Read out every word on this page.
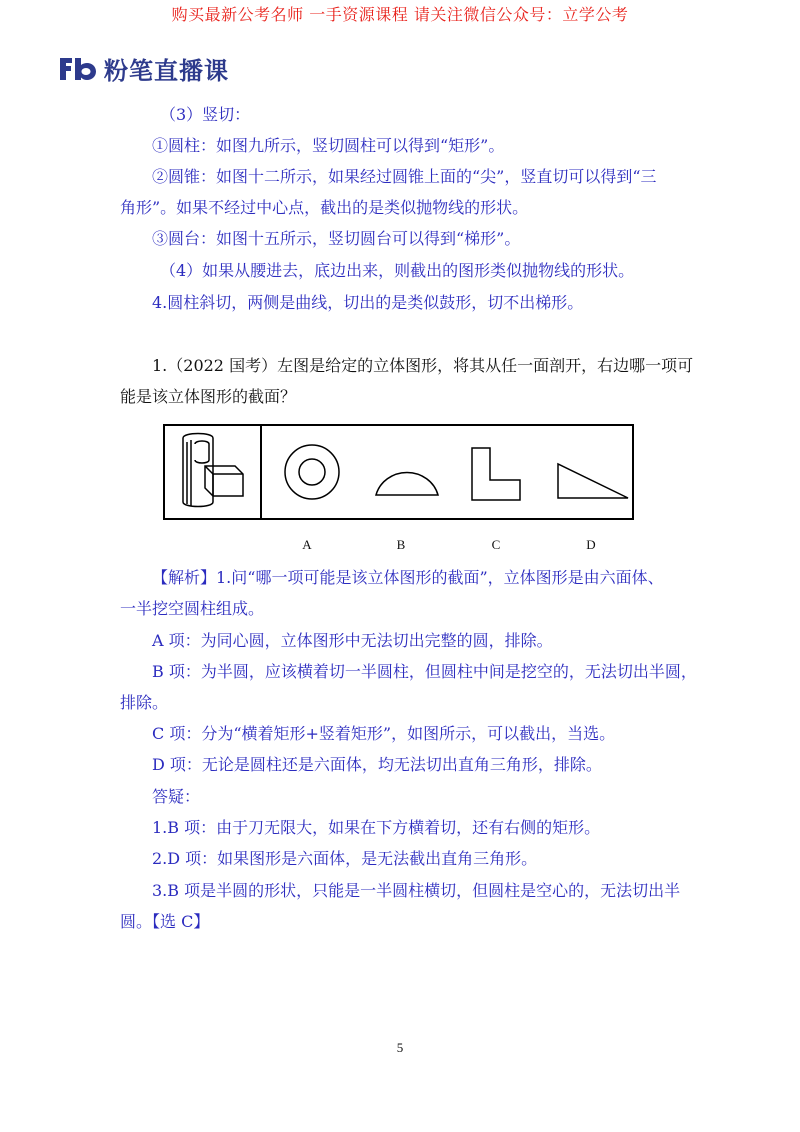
购买最新公考名师 一手资源课程 请关注微信公众号：立学公考
粉笔直播课
（3）竖切：
①圆柱：如图九所示，竖切圆柱可以得到“矩形”。
②圆锥：如图十二所示，如果经过圆锥上面的“尖”，竖直切可以得到“三
角形”。如果不经过中心点，截出的是类似抛物线的形状。
③圆台：如图十五所示，竖切圆台可以得到“梯形”。
（4）如果从腰进去，底边出来，则截出的图形类似抛物线的形状。
4.圆柱斜切，两侧是曲线，切出的是类似鼓形，切不出梯形。
1.（2022 国考）左图是给定的立体图形，将其从任一面剖开，右边哪一项可
能是该立体图形的截面？
A	B	C	D
【解析】1.问“哪一项可能是该立体图形的截面”，立体图形是由六面体、
一半挖空圆柱组成。
A 项：为同心圆，立体图形中无法切出完整的圆，排除。
B 项：为半圆，应该横着切一半圆柱，但圆柱中间是挖空的，无法切出半圆，
排除。
C 项：分为“横着矩形+竖着矩形”，如图所示，可以截出，当选。
D 项：无论是圆柱还是六面体，均无法切出直角三角形，排除。
答疑：
1.B 项：由于刀无限大，如果在下方横着切，还有右侧的矩形。
2.D 项：如果图形是六面体，是无法截出直角三角形。
3.B 项是半圆的形状，只能是一半圆柱横切，但圆柱是空心的，无法切出半
圆。【选 C】
5
